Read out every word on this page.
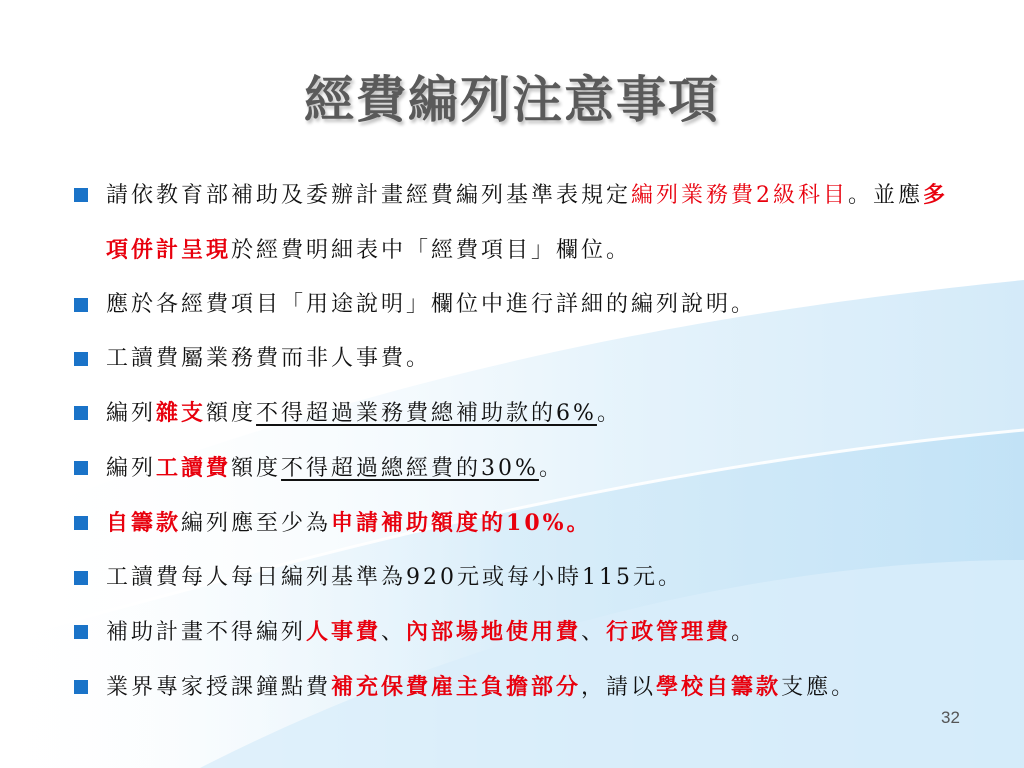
經費編列注意事項
請依教育部補助及委辦計畫經費編列基準表規定編列業務費2級科目。並應多項併計呈現於經費明細表中「經費項目」欄位。
應於各經費項目「用途說明」欄位中進行詳細的編列說明。
工讀費屬業務費而非人事費。
編列雜支額度不得超過業務費總補助款的6%。
編列工讀費額度不得超過總經費的30%。
自籌款編列應至少為申請補助額度的10%。
工讀費每人每日編列基準為920元或每小時115元。
補助計畫不得編列人事費、內部場地使用費、行政管理費。
業界專家授課鐘點費補充保費雇主負擔部分，請以學校自籌款支應。
32
